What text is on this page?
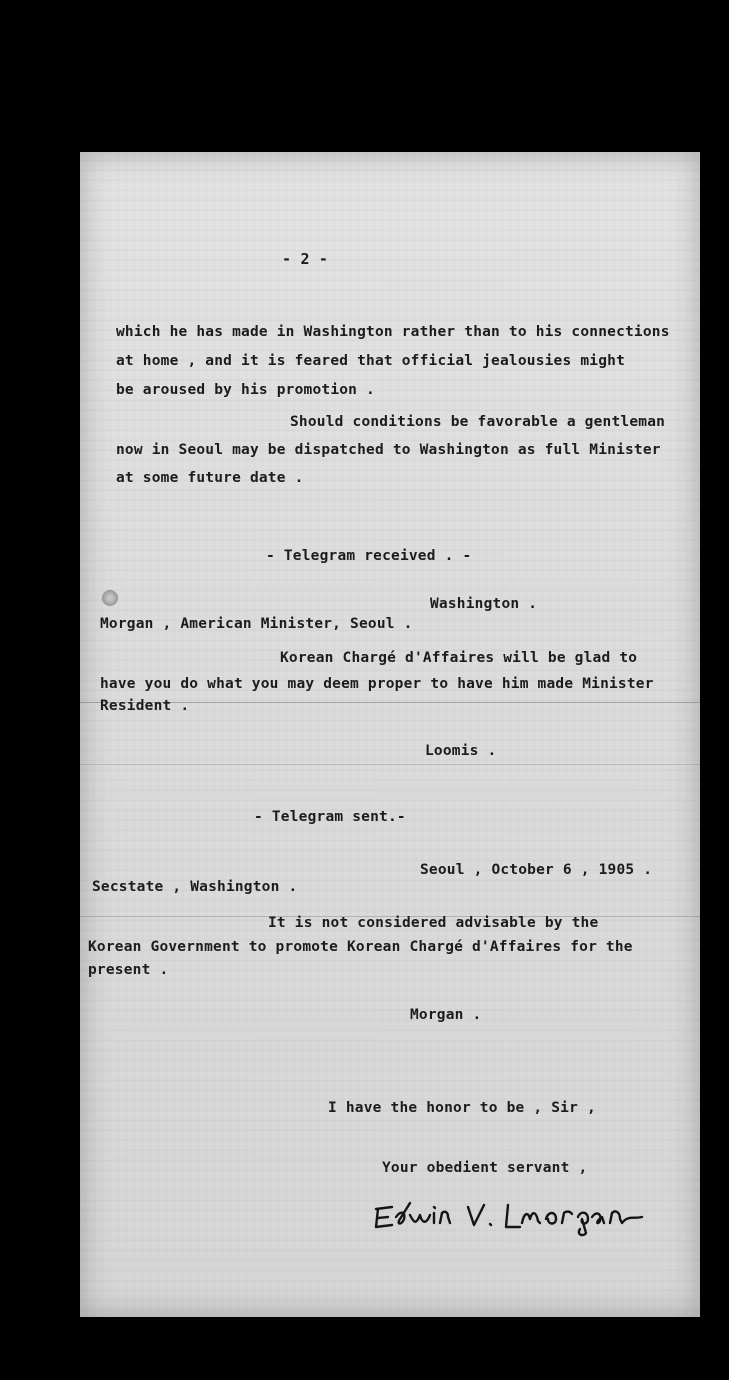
- 2 -
which he has made in Washington rather than to his connections
at home , and it is feared that official jealousies might
be aroused by his promotion .
Should conditions be favorable a gentleman
now in Seoul may be dispatched to Washington as full Minister
at some future date .
- Telegram received . -
Washington .
Morgan , American Minister, Seoul .
Korean Chargé d'Affaires will be glad to
have you do what you may deem proper to have him made Minister
Resident .
Loomis .
- Telegram sent.-
Seoul , October 6 , 1905 .
Secstate , Washington .
It is not considered advisable by the
Korean Government to promote Korean Chargé d'Affaires for the
present .
Morgan .
I have the honor to be , Sir ,
Your obedient servant ,
